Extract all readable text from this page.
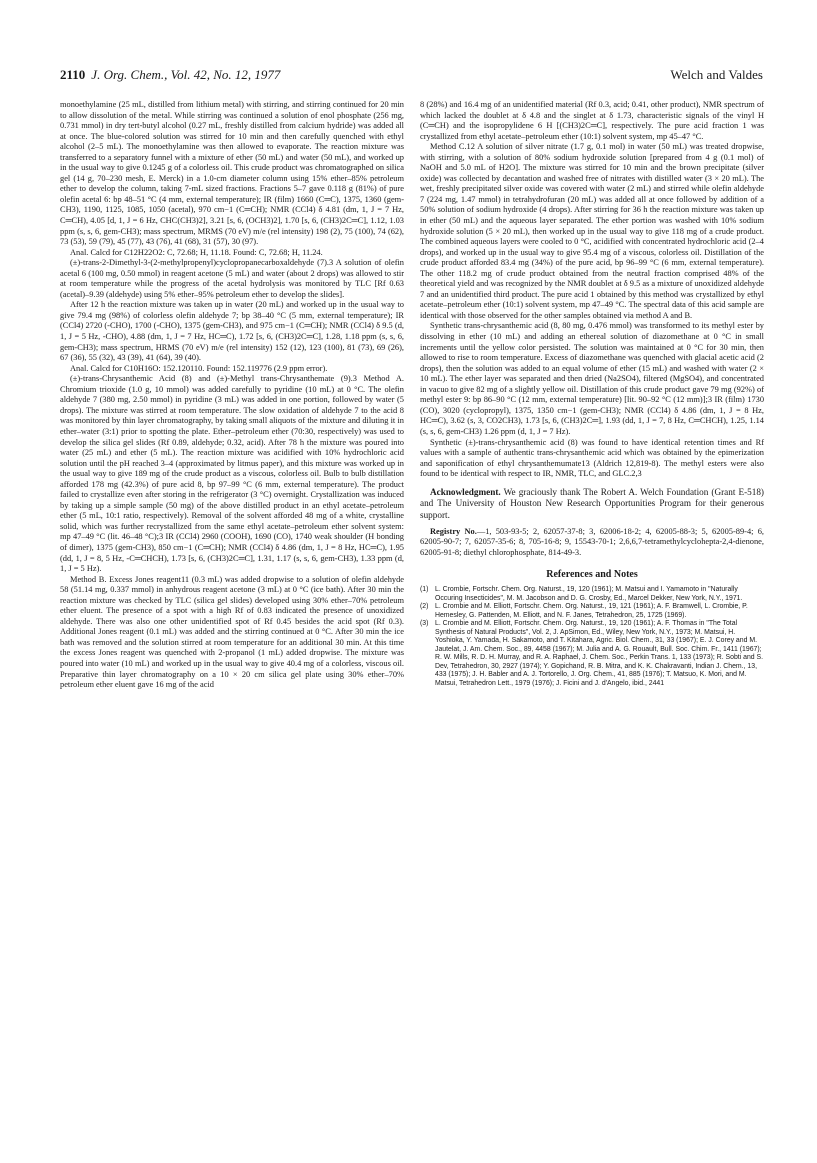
2110 J. Org. Chem., Vol. 42, No. 12, 1977	Welch and Valdes

monoethylamine (25 mL, distilled from lithium metal) with stirring, and stirring continued for 20 min to allow dissolution of the metal. While stirring was continued a solution of enol phosphate (256 mg, 0.731 mmol) in dry tert-butyl alcohol (0.27 mL, freshly distilled from calcium hydride) was added all at once. The blue-colored solution was stirred for 10 min and then carefully quenched with ethyl alcohol (2–5 mL). The monoethylamine was then allowed to evaporate. The reaction mixture was transferred to a separatory funnel with a mixture of ether (50 mL) and water (50 mL), and worked up in the usual way to give 0.1245 g of a colorless oil. This crude product was chromatographed on silica gel (14 g, 70–230 mesh, E. Merck) in a 1.0-cm diameter column using 15% ether–85% petroleum ether to develop the column, taking 7-mL sized fractions. Fractions 5–7 gave 0.118 g (81%) of pure olefin acetal 6: bp 48–51 °C (4 mm, external temperature); IR (film) 1660 (C═C), 1375, 1360 (gem-CH3), 1190, 1125, 1085, 1050 (acetal), 970 cm−1 (C═CH); NMR (CCl4) δ 4.81 (dm, 1, J = 7 Hz, C═CH), 4.05 [d, 1, J = 6 Hz, CHC(CH3)2], 3.21 [s, 6, (OCH3)2], 1.70 [s, 6, (CH3)2C═C], 1.12, 1.03 ppm (s, s, 6, gem-CH3); mass spectrum, MRMS (70 eV) m/e (rel intensity) 198 (2), 75 (100), 74 (62), 73 (53), 59 (79), 45 (77), 43 (76), 41 (68), 31 (57), 30 (97).

Anal. Calcd for C12H22O2: C, 72.68; H, 11.18. Found: C, 72.68; H, 11.24.

(±)-trans-2-Dimethyl-3-(2-methylpropenyl)cyclopropanecarboxaldehyde (7).3 A solution of olefin acetal 6 (100 mg, 0.50 mmol) in reagent acetone (5 mL) and water (about 2 drops) was allowed to stir at room temperature while the progress of the acetal hydrolysis was monitored by TLC [Rf 0.63 (acetal)–9.39 (aldehyde) using 5% ether–95% petroleum ether to develop the slides].

After 12 h the reaction mixture was taken up in water (20 mL) and worked up in the usual way to give 79.4 mg (98%) of colorless olefin aldehyde 7; bp 38–40 °C (5 mm, external temperature); IR (CCl4) 2720 (-CHO), 1700 (-CHO), 1375 (gem-CH3), and 975 cm−1 (C═CH); NMR (CCl4) δ 9.5 (d, 1, J = 5 Hz, -CHO), 4.88 (dm, 1, J = 7 Hz, HC═C), 1.72 [s, 6, (CH3)2C═C], 1.28, 1.18 ppm (s, s, 6, gem-CH3); mass spectrum, HRMS (70 eV) m/e (rel intensity) 152 (12), 123 (100), 81 (73), 69 (26), 67 (36), 55 (32), 43 (39), 41 (64), 39 (40).

Anal. Calcd for C10H16O: 152.120110. Found: 152.119776 (2.9 ppm error).

(±)-trans-Chrysanthemic Acid (8) and (±)-Methyl trans-Chrysanthemate (9).3 Method A. Chromium trioxide (1.0 g, 10 mmol) was added carefully to pyridine (10 mL) at 0 °C. The olefin aldehyde 7 (380 mg, 2.50 mmol) in pyridine (3 mL) was added in one portion, followed by water (5 drops). The mixture was stirred at room temperature. The slow oxidation of aldehyde 7 to the acid 8 was monitored by thin layer chromatography, by taking small aliquots of the mixture and diluting it in ether–water (3:1) prior to spotting the plate. Ether–petroleum ether (70:30, respectively) was used to develop the silica gel slides (Rf 0.89, aldehyde; 0.32, acid). After 78 h the mixture was poured into water (25 mL) and ether (5 mL). The reaction mixture was acidified with 10% hydrochloric acid solution until the pH reached 3–4 (approximated by litmus paper), and this mixture was worked up in the usual way to give 189 mg of the crude product as a viscous, colorless oil. Bulb to bulb distillation afforded 178 mg (42.3%) of pure acid 8, bp 97–99 °C (6 mm, external temperature). The product failed to crystallize even after storing in the refrigerator (3 °C) overnight. Crystallization was induced by taking up a simple sample (50 mg) of the above distilled product in an ethyl acetate–petroleum ether (5 mL, 10:1 ratio, respectively). Removal of the solvent afforded 48 mg of a white, crystalline solid, which was further recrystallized from the same ethyl acetate–petroleum ether solvent system: mp 47–49 °C (lit. 46–48 °C);3 IR (CCl4) 2960 (COOH), 1690 (CO), 1740 weak shoulder (H bonding of dimer), 1375 (gem-CH3), 850 cm−1 (C═CH); NMR (CCl4) δ 4.86 (dm, 1, J = 8 Hz, HC═C), 1.95 (dd, 1, J = 8, 5 Hz, -C═CHCH), 1.73 [s, 6, (CH3)2C═C], 1.31, 1.17 (s, s, 6, gem-CH3), 1.33 ppm (d, 1, J = 5 Hz).

Method B. Excess Jones reagent11 (0.3 mL) was added dropwise to a solution of olefin aldehyde 58 (51.14 mg, 0.337 mmol) in anhydrous reagent acetone (3 mL) at 0 °C (ice bath). After 30 min the reaction mixture was checked by TLC (silica gel slides) developed using 30% ether–70% petroleum ether eluent. The presence of a spot with a high Rf of 0.83 indicated the presence of unoxidized aldehyde. There was also one other unidentified spot of Rf 0.45 besides the acid spot (Rf 0.3). Additional Jones reagent (0.1 mL) was added and the stirring continued at 0 °C. After 30 min the ice bath was removed and the solution stirred at room temperature for an additional 30 min. At this time the excess Jones reagent was quenched with 2-propanol (1 mL) added dropwise. The mixture was poured into water (10 mL) and worked up in the usual way to give 40.4 mg of a colorless, viscous oil. Preparative thin layer chromatography on a 10 × 20 cm silica gel plate using 30% ether–70% petroleum ether eluent gave 16 mg of the acid

8 (28%) and 16.4 mg of an unidentified material (Rf 0.3, acid; 0.41, other product), NMR spectrum of which lacked the doublet at δ 4.8 and the singlet at δ 1.73, characteristic signals of the vinyl H (C═CH) and the isopropylidene 6 H [(CH3)2C═C], respectively. The pure acid fraction 1 was crystallized from ethyl acetate–petroleum ether (10:1) solvent system, mp 45–47 °C.

Method C.12 A solution of silver nitrate (1.7 g, 0.1 mol) in water (50 mL) was treated dropwise, with stirring, with a solution of 80% sodium hydroxide solution [prepared from 4 g (0.1 mol) of NaOH and 5.0 mL of H2O]. The mixture was stirred for 10 min and the brown precipitate (silver oxide) was collected by decantation and washed free of nitrates with distilled water (3 × 20 mL). The wet, freshly precipitated silver oxide was covered with water (2 mL) and stirred while olefin aldehyde 7 (224 mg, 1.47 mmol) in tetrahydrofuran (20 mL) was added all at once followed by addition of a 50% solution of sodium hydroxide (4 drops). After stirring for 36 h the reaction mixture was taken up in ether (50 mL) and the aqueous layer separated. The ether portion was washed with 10% sodium hydroxide solution (5 × 20 mL), then worked up in the usual way to give 118 mg of a crude product. The combined aqueous layers were cooled to 0 °C, acidified with concentrated hydrochloric acid (2–4 drops), and worked up in the usual way to give 95.4 mg of a viscous, colorless oil. Distillation of the crude product afforded 83.4 mg (34%) of the pure acid, bp 96–99 °C (6 mm, external temperature). The other 118.2 mg of crude product obtained from the neutral fraction comprised 48% of the theoretical yield and was recognized by the NMR doublet at δ 9.5 as a mixture of unoxidized aldehyde 7 and an unidentified third product. The pure acid 1 obtained by this method was crystallized by ethyl acetate–petroleum ether (10:1) solvent system, mp 47–49 °C. The spectral data of this acid sample are identical with those observed for the other samples obtained via method A and B.

Synthetic trans-chrysanthemic acid (8, 80 mg, 0.476 mmol) was transformed to its methyl ester by dissolving in ether (10 mL) and adding an ethereal solution of diazomethane at 0 °C in small increments until the yellow color persisted. The solution was maintained at 0 °C for 30 min, then allowed to rise to room temperature. Excess of diazomethane was quenched with glacial acetic acid (2 drops), then the solution was added to an equal volume of ether (15 mL) and washed with water (2 × 10 mL). The ether layer was separated and then dried (Na2SO4), filtered (MgSO4), and concentrated in vacuo to give 82 mg of a slightly yellow oil. Distillation of this crude product gave 79 mg (92%) of methyl ester 9: bp 86–90 °C (12 mm, external temperature) [lit. 90–92 °C (12 mm)];3 IR (film) 1730 (CO), 3020 (cyclopropyl), 1375, 1350 cm−1 (gem-CH3); NMR (CCl4) δ 4.86 (dm, 1, J = 8 Hz, HC═C), 3.62 (s, 3, CO2CH3), 1.73 [s, 6, (CH3)2C═], 1.93 (dd, 1, J = 7, 8 Hz, C═CHCH), 1.25, 1.14 (s, s, 6, gem-CH3) 1.26 ppm (d, 1, J = 7 Hz).

Synthetic (±)-trans-chrysanthemic acid (8) was found to have identical retention times and Rf values with a sample of authentic trans-chrysanthemic acid which was obtained by the epimerization and saponification of ethyl chrysanthemumate13 (Aldrich 12,819-8). The methyl esters were also found to be identical with respect to IR, NMR, TLC, and GLC.2,3

Acknowledgment. We graciously thank The Robert A. Welch Foundation (Grant E-518) and The University of Houston New Research Opportunities Program for their generous support.

Registry No.—1, 503-93-5; 2, 62057-37-8; 3, 62006-18-2; 4, 62005-88-3; 5, 62005-89-4; 6, 62005-90-7; 7, 62057-35-6; 8, 705-16-8; 9, 15543-70-1; 2,6,6,7-tetramethylcyclohepta-2,4-dienone, 62005-91-8; diethyl chlorophosphate, 814-49-3.

References and Notes
(1) L. Crombie, Fortschr. Chem. Org. Naturst., 19, 120 (1961); M. Matsui and I. Yamamoto in "Naturally Occuring Insecticides", M. M. Jacobson and D. G. Crosby, Ed., Marcel Dekker, New York, N.Y., 1971.
(2) L. Crombie and M. Elliott, Fortschr. Chem. Org. Naturst., 19, 121 (1961); A. F. Bramwell, L. Crombie, P. Hemesley, G. Pattenden, M. Elliott, and N. F. Janes, Tetrahedron, 25, 1725 (1969).
(3) L. Crombie and M. Elliott, Fortschr. Chem. Org. Naturst., 19, 120 (1961); A. F. Thomas in "The Total Synthesis of Natural Products", Vol. 2, J. ApSimon, Ed., Wiley, New York, N.Y., 1973; M. Matsui, H. Yoshioka, Y. Yamada, H. Sakamoto, and T. Kitahara, Agric. Biol. Chem., 31, 33 (1967); E. J. Corey and M. Jautelat, J. Am. Chem. Soc., 89, 4458 (1967); M. Julia and A. G. Rouault, Bull. Soc. Chim. Fr., 1411 (1967); R. W. Mills, R. D. H. Murray, and R. A. Raphael, J. Chem. Soc., Perkin Trans. 1, 133 (1973); R. Sobti and S. Dev, Tetrahedron, 30, 2927 (1974); Y. Gopichand, R. B. Mitra, and K. K. Chakravanti, Indian J. Chem., 13, 433 (1975); J. H. Babler and A. J. Tortorello, J. Org. Chem., 41, 885 (1976); T. Matsuo, K. Mori, and M. Matsui, Tetrahedron Lett., 1979 (1976); J. Ficini and J. d'Angelo, ibid., 2441
